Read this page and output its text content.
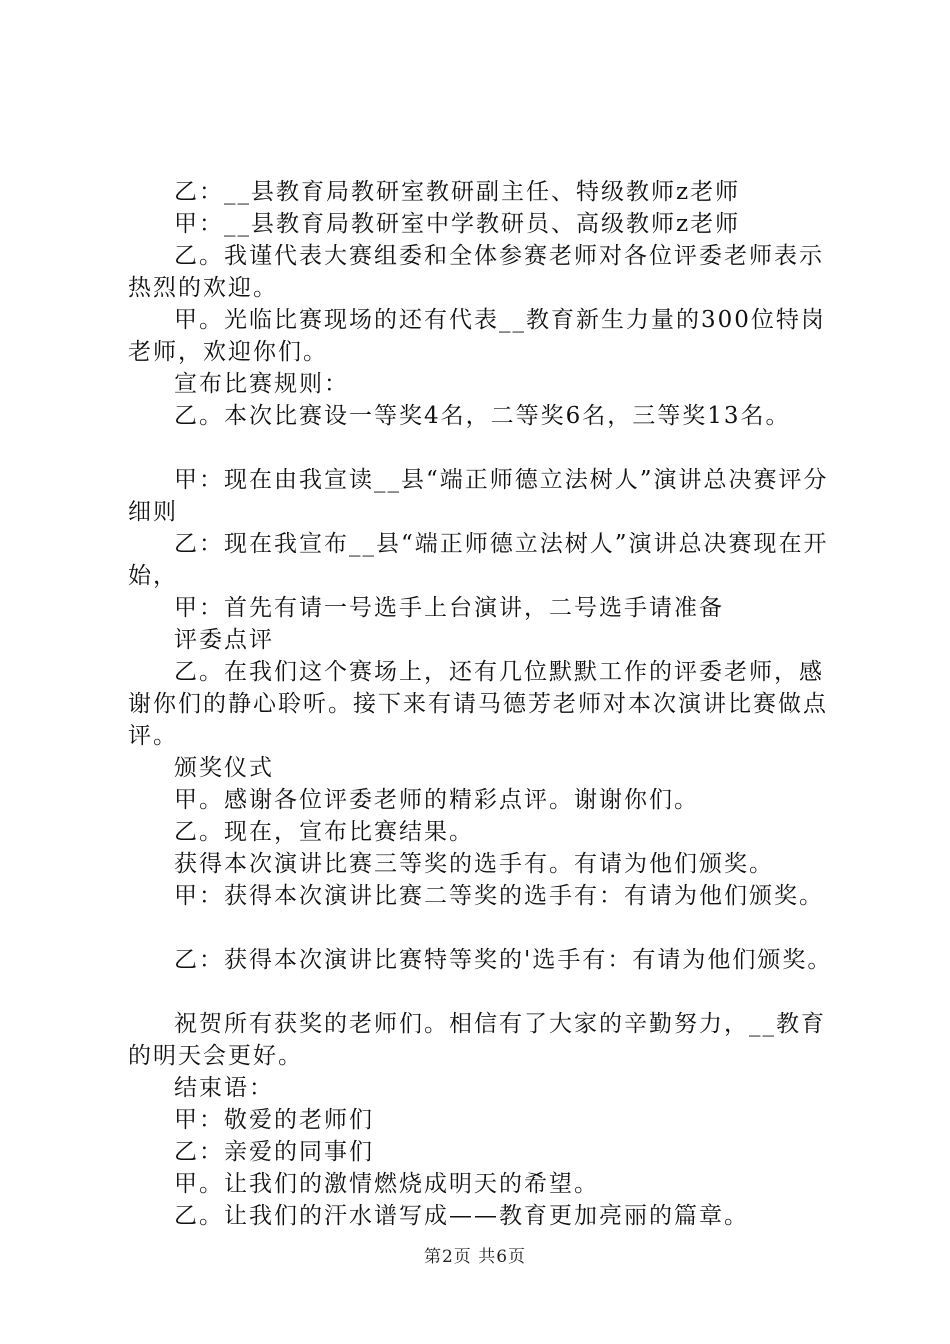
乙：__县教育局教研室教研副主任、特级教师z老师

甲：__县教育局教研室中学教研员、高级教师z老师

乙。我谨代表大赛组委和全体参赛老师对各位评委老师表示热烈的欢迎。

甲。光临比赛现场的还有代表__教育新生力量的300位特岗老师，欢迎你们。

宣布比赛规则：

乙。本次比赛设一等奖4名，二等奖6名，三等奖13名。

甲：现在由我宣读__县“端正师德立法树人”演讲总决赛评分细则

乙：现在我宣布__县“端正师德立法树人”演讲总决赛现在开始，

甲：首先有请一号选手上台演讲，二号选手请准备

评委点评

乙。在我们这个赛场上，还有几位默默工作的评委老师，感谢你们的静心聆听。接下来有请马德芳老师对本次演讲比赛做点评。

颁奖仪式

甲。感谢各位评委老师的精彩点评。谢谢你们。

乙。现在，宣布比赛结果。

获得本次演讲比赛三等奖的选手有。有请为他们颁奖。

甲：获得本次演讲比赛二等奖的选手有：有请为他们颁奖。

乙：获得本次演讲比赛特等奖的'选手有：有请为他们颁奖。

祝贺所有获奖的老师们。相信有了大家的辛勤努力，__教育的明天会更好。

结束语：

甲：敬爱的老师们

乙：亲爱的同事们

甲。让我们的激情燃烧成明天的希望。

乙。让我们的汗水谱写成——教育更加亮丽的篇章。

第2页 共6页
